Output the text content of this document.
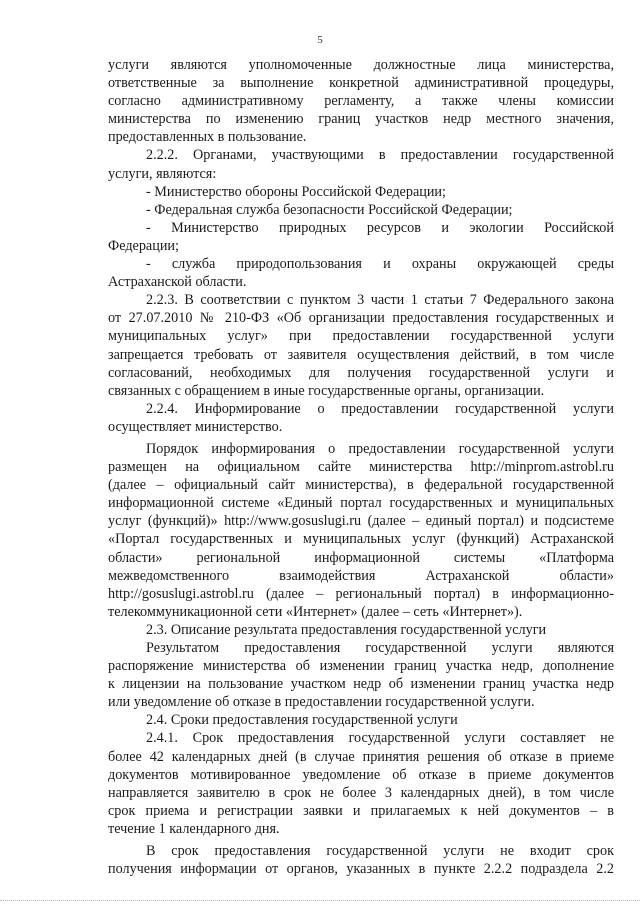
5
услуги являются уполномоченные должностные лица министерства,
ответственные за выполнение конкретной административной процедуры,
согласно административному регламенту, а также члены комиссии
министерства по изменению границ участков недр местного значения,
предоставленных в пользование.
2.2.2. Органами, участвующими в предоставлении государственной
услуги, являются:
- Министерство обороны Российской Федерации;
- Федеральная служба безопасности Российской Федерации;
- Министерство природных ресурсов и экологии Российской
Федерации;
- служба природопользования и охраны окружающей среды
Астраханской области.
2.2.3. В соответствии с пунктом 3 части 1 статьи 7 Федерального закона
от 27.07.2010 № 210-ФЗ «Об организации предоставления государственных и
муниципальных услуг» при предоставлении государственной услуги
запрещается требовать от заявителя осуществления действий, в том числе
согласований, необходимых для получения государственной услуги и
связанных с обращением в иные государственные органы, организации.
2.2.4. Информирование о предоставлении государственной услуги
осуществляет министерство.
Порядок информирования о предоставлении государственной услуги
размещен на официальном сайте министерства http://minprom.astrobl.ru
(далее – официальный сайт министерства), в федеральной государственной
информационной системе «Единый портал государственных и муниципальных
услуг (функций)» http://www.gosuslugi.ru (далее – единый портал) и подсистеме
«Портал государственных и муниципальных услуг (функций) Астраханской
области» региональной информационной системы «Платформа
межведомственного взаимодействия Астраханской области»
http://gosuslugi.astrobl.ru (далее – региональный портал) в информационно-
телекоммуникационной сети «Интернет» (далее – сеть «Интернет»).
2.3. Описание результата предоставления государственной услуги
Результатом предоставления государственной услуги являются
распоряжение министерства об изменении границ участка недр, дополнение
к лицензии на пользование участком недр об изменении границ участка недр
или уведомление об отказе в предоставлении государственной услуги.
2.4. Сроки предоставления государственной услуги
2.4.1. Срок предоставления государственной услуги составляет не
более 42 календарных дней (в случае принятия решения об отказе в приеме
документов мотивированное уведомление об отказе в приеме документов
направляется заявителю в срок не более 3 календарных дней), в том числе
срок приема и регистрации заявки и прилагаемых к ней документов – в
течение 1 календарного дня.
В срок предоставления государственной услуги не входит срок
получения информации от органов, указанных в пункте 2.2.2 подраздела 2.2
